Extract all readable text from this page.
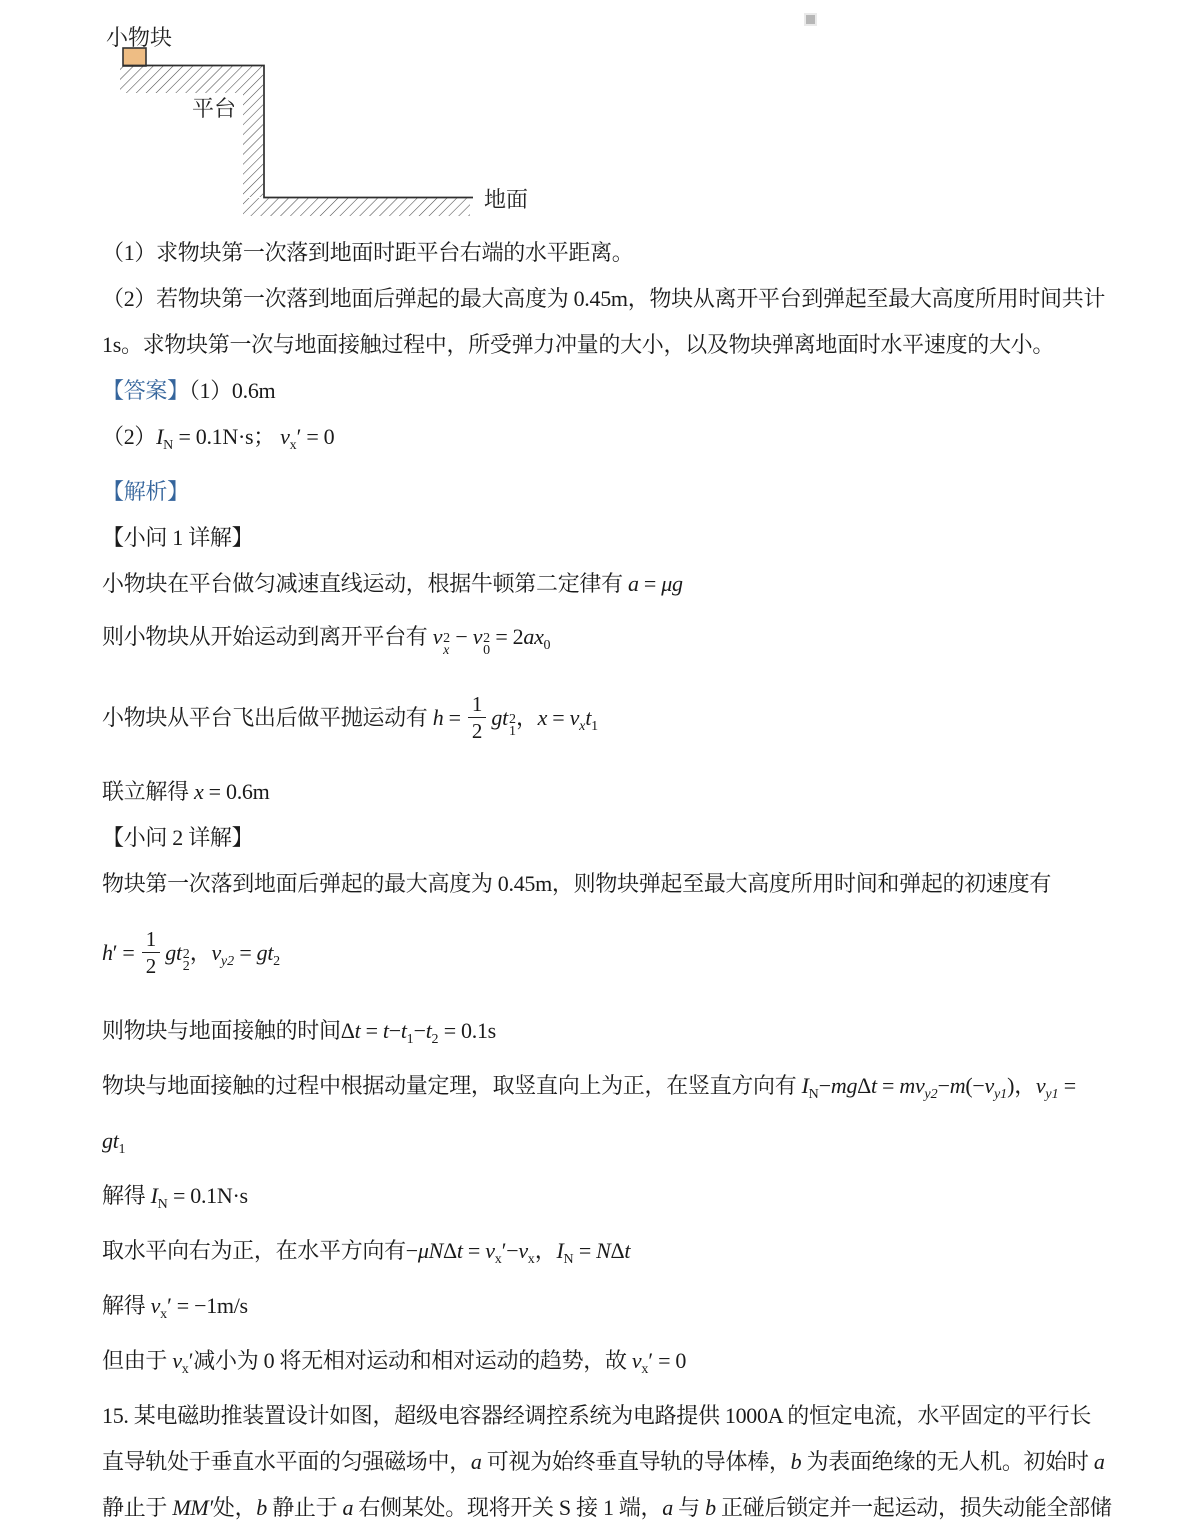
小物块
平台
地面

（1）求物块第一次落到地面时距平台右端的水平距离。

（2）若物块第一次落到地面后弹起的最大高度为 0.45m，物块从离开平台到弹起至最大高度所用时间共计

1s。求物块第一次与地面接触过程中，所受弹力冲量的大小，以及物块弹离地面时水平速度的大小。

【答案】（1）0.6m

$(2)I_N = 0.1N\cdot s$； $v_x' = 0$

【解析】

【小问 1 详解】

小物块在平台做匀减速直线运动，根据牛顿第二定律有 a = μg

则小物块从开始运动到离开平台有 v 2
x
− v 2
0
= $2ax_0$

小物块从平台飞出后做平抛运动有 $h = \frac{1}{2}$ gt 2
1
，$x = v_xt_1$

联立解得 x = 0.6m

【小问 2 详解】

物块第一次落到地面后弹起的最大高度为 0.45m，则物块弹起至最大高度所用时间和弹起的初速度有

$h' = \frac{1}{2}$ gt 2
2
，$v_{y2} = gt_2$

则物块与地面接触的时间$\Delta t = t-t_1-t_2 = 0.1s$

物块与地面接触的过程中根据动量定理，取竖直向上为正，在竖直方向有 $I_N-mg\Delta t = mv_{y2}-m(-v_{y1})$，$v_{y1}$ =

$gt_1$

解得 $I_N = 0.1N\cdot s$

取水平向右为正，在水平方向有$-\mu N\Delta t = v_x'-v_x$，$I_N = N\Delta t$

解得 $v_x' = -1m/s$

但由于 $v_x'$减小为 0 将无相对运动和相对运动的趋势，故 $v_x' = 0$

15. 某电磁助推装置设计如图，超级电容器经调控系统为电路提供 1000A 的恒定电流，水平固定的平行长

直导轨处于垂直水平面的匀强磁场中，a 可视为始终垂直导轨的导体棒，b 为表面绝缘的无人机。初始时 a

静止于 MM′处，b 静止于 a 右侧某处。现将开关 S 接 1 端，a 与 b 正碰后锁定并一起运动，损失动能全部储
